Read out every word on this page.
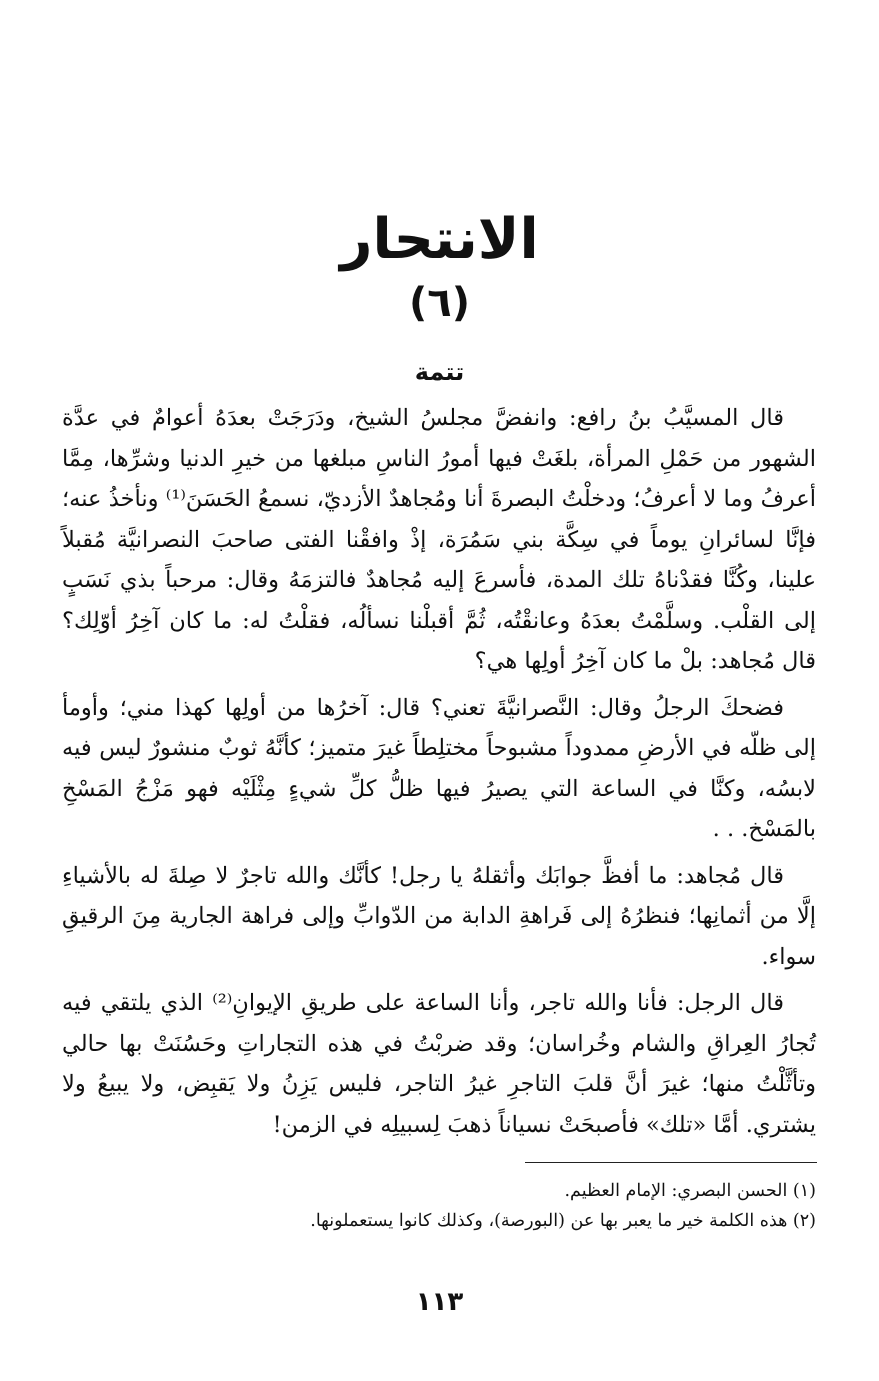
الانتحار
(٦)
تتمة

قال المسيَّبُ بنُ رافع: وانفضَّ مجلسُ الشيخ، ودَرَجَتْ بعدَهُ أعوامٌ في عدَّة الشهور من حَمْلِ المرأة، بلغَتْ فيها أمورُ الناسِ مبلغها من خيرِ الدنيا وشرِّها، مِمَّا أعرفُ وما لا أعرفُ؛ ودخلْتُ البصرةَ أنا ومُجاهدٌ الأزديّ، نسمعُ الحَسَنَ⁽¹⁾ ونأخذُ عنه؛ فإنَّا لسائرانِ يوماً في سِكَّة بني سَمُرَة، إذْ وافقْنا الفتى صاحبَ النصرانيَّة مُقبلاً علينا، وكُنَّا فقدْناهُ تلك المدة، فأسرعَ إليه مُجاهدٌ فالتزمَهُ وقال: مرحباً بذي نَسَبٍ إلى القلْب. وسلَّمْتُ بعدَهُ وعانقْتُه، ثُمَّ أقبلْنا نسألُه، فقلْتُ له: ما كان آخِرُ أوّلِك؟ قال مُجاهد: بلْ ما كان آخِرُ أولِها هي؟

فضحكَ الرجلُ وقال: النَّصرانيَّةَ تعني؟ قال: آخرُها من أولِها كهذا مني؛ وأومأ إلى ظلّه في الأرضِ ممدوداً مشبوحاً مختلِطاً غيرَ متميز؛ كأنَّهُ ثوبٌ منشورٌ ليس فيه لابسُه، وكنَّا في الساعة التي يصيرُ فيها ظلُّ كلِّ شيءٍ مِثْلَيْه فهو مَزْجُ المَسْخِ بالمَسْخ. . .

قال مُجاهد: ما أفظَّ جوابَك وأثقلهُ يا رجل! كأنَّك والله تاجرٌ لا صِلةَ له بالأشياءِ إلَّا من أثمانِها؛ فنظرُهُ إلى فَراهةِ الدابة من الدّوابِّ وإلى فراهة الجارية مِنَ الرقيقِ سواء.

قال الرجل: فأنا والله تاجر، وأنا الساعة على طريقِ الإيوانِ⁽²⁾ الذي يلتقي فيه تُجارُ العِراقِ والشام وخُراسان؛ وقد ضربْتُ في هذه التجاراتِ وحَسُنَتْ بها حالي وتأثَّلْتُ منها؛ غيرَ أنَّ قلبَ التاجرِ غيرُ التاجر، فليس يَزِنُ ولا يَقبِض، ولا يبيعُ ولا يشتري. أمَّا «تلك» فأصبحَتْ نسياناً ذهبَ لِسبيلِه في الزمن!

(١) الحسن البصري: الإمام العظيم.
(٢) هذه الكلمة خير ما يعبر بها عن (البورصة)، وكذلك كانوا يستعملونها.
١١٣
